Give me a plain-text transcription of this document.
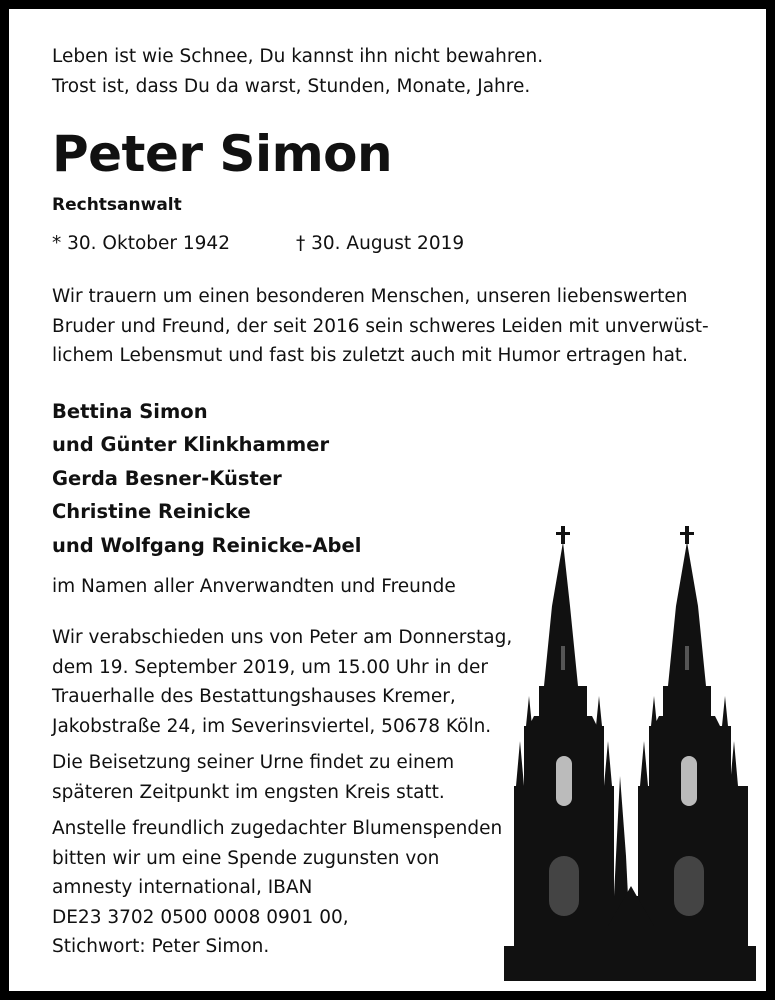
Leben ist wie Schnee, Du kannst ihn nicht bewahren.
Trost ist, dass Du da warst, Stunden, Monate, Jahre.

Peter Simon

Rechtsanwalt

* 30. Oktober 1942	† 30. August 2019

Wir trauern um einen besonderen Menschen, unseren liebenswerten
Bruder und Freund, der seit 2016 sein schweres Leiden mit unverwüst-
lichem Lebensmut und fast bis zuletzt auch mit Humor ertragen hat.

Bettina Simon
und Günter Klinkhammer
Gerda Besner-Küster
Christine Reinicke
und Wolfgang Reinicke-Abel
im Namen aller Anverwandten und Freunde

Wir verabschieden uns von Peter am Donnerstag,
dem 19. September 2019, um 15.00 Uhr in der
Trauerhalle des Bestattungshauses Kremer,
Jakobstraße 24, im Severinsviertel, 50678 Köln.

Die Beisetzung seiner Urne findet zu einem
späteren Zeitpunkt im engsten Kreis statt.

Anstelle freundlich zugedachter Blumenspenden
bitten wir um eine Spende zugunsten von
amnesty international, IBAN
DE23 3702 0500 0008 0901 00,
Stichwort: Peter Simon.
